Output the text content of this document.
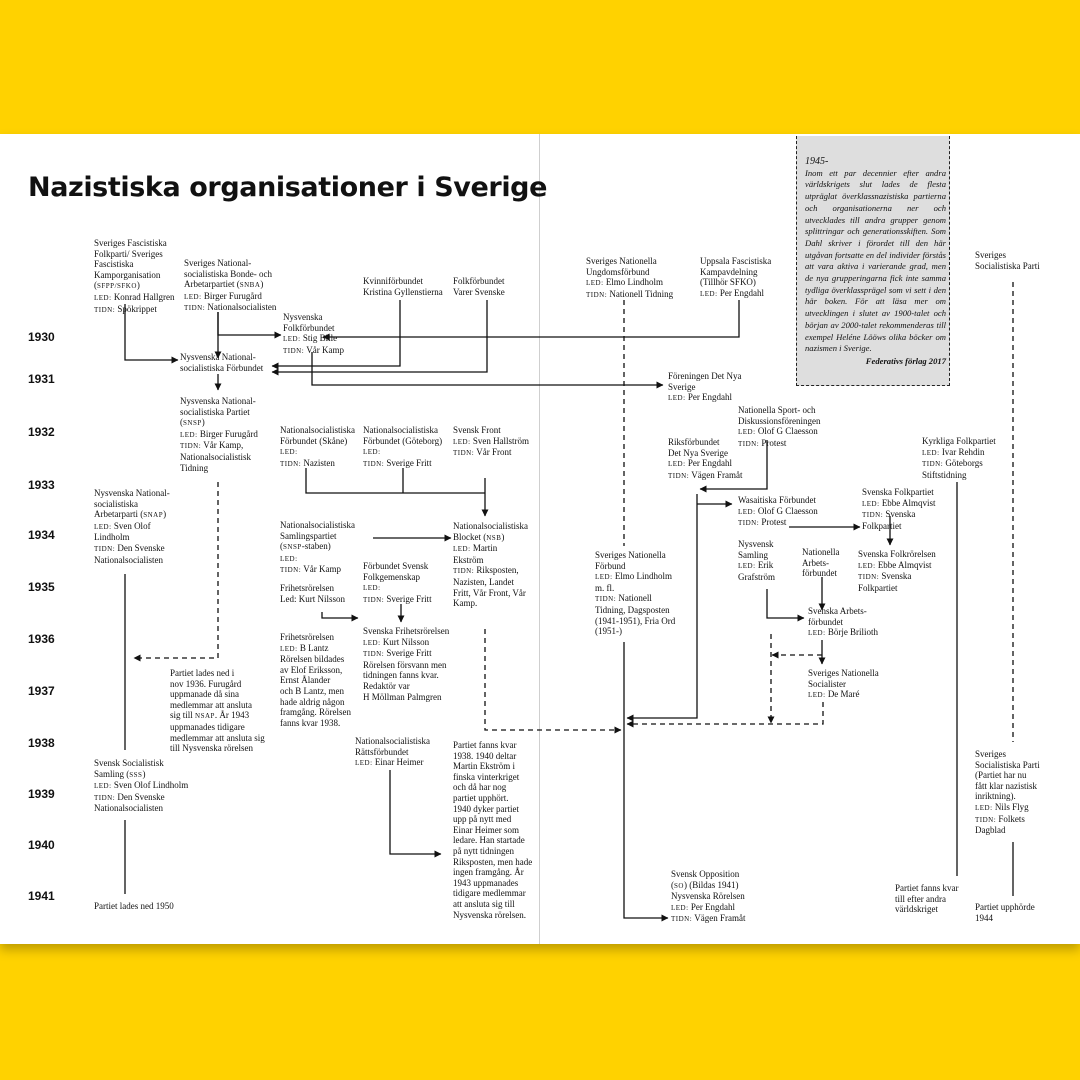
Nazistiska organisationer i Sverige
1930
1931
1932
1933
1934
1935
1936
1937
1938
1939
1940
1941
Sveriges Fascistiska
Folkparti/ Sveriges
Fascistiska
Kamporganisation
(SFPP/SFKO)
LED: Konrad Hallgren
TIDN: Spökrippet
Sveriges National-
socialistiska Bonde- och
Arbetarpartiet (SNBA)
LED: Birger Furugård
TIDN: Nationalsocialisten
Kvinniförbundet
Kristina Gyllenstierna
Folkförbundet
Varer Svenske
Nysvenska
Folkförbundet
LED: Stig Bille
TIDN: Vår Kamp
Nysvenska National-
socialistiska Förbundet
Nysvenska National-
socialistiska Partiet
(SNSP)
LED: Birger Furugård
TIDN: Vår Kamp,
Nationalsocialistisk
Tidning
Nationalsocialistiska
Förbundet (Skåne)
LED:
TIDN: Nazisten
Nationalsocialistiska
Förbundet (Göteborg)
LED:
TIDN: Sverige Fritt
Svensk Front
LED: Sven Hallström
TIDN: Vår Front
Nysvenska National-
socialistiska
Arbetarparti (SNAP)
LED: Sven Olof
Lindholm
TIDN: Den Svenske
Nationalsocialisten
Nationalsocialistiska
Samlingspartiet
(SNSP-staben)
LED:
TIDN: Vår Kamp
Nationalsocialistiska
Blocket (NSB)
LED: Martin
Ekström
TIDN: Riksposten,
Nazisten, Landet
Fritt, Vår Front, Vår
Kamp.
Frihetsrörelsen
Led: Kurt Nilsson
Förbundet Svensk
Folkgemenskap
LED:
TIDN: Sverige Fritt
Frihetsrörelsen
LED: B Lantz
Rörelsen bildades
av Elof Eriksson,
Ernst Ålander
och B Lantz, men
hade aldrig någon
framgång. Rörelsen
fanns kvar 1938.
Svenska Frihetsrörelsen
LED: Kurt Nilsson
TIDN: Sverige Fritt
Rörelsen försvann men
tidningen fanns kvar.
Redaktör var
H Möllman Palmgren
Partiet lades ned i
nov 1936. Furugård
uppmanade då sina
medlemmar att ansluta
sig till NSAP. År 1943
uppmanades tidigare
medlemmar att ansluta sig
till Nysvenska rörelsen
Svensk Socialistisk
Samling (SSS)
LED: Sven Olof Lindholm
TIDN: Den Svenske
Nationalsocialisten
Partiet lades ned 1950
Nationalsocialistiska
Rättsförbundet
LED: Einar Heimer
Partiet fanns kvar
1938. 1940 deltar
Martin Ekström i
finska vinterkriget
och då har nog
partiet upphört.
1940 dyker partiet
upp på nytt med
Einar Heimer som
ledare. Han startade
på nytt tidningen
Riksposten, men hade
ingen framgång. År
1943 uppmanades
tidigare medlemmar
att ansluta sig till
Nysvenska rörelsen.
Sveriges Nationella
Ungdomsförbund
LED: Elmo Lindholm
TIDN: Nationell Tidning
Uppsala Fascistiska
Kampavdelning
(Tillhör SFKO)
LED: Per Engdahl
Föreningen Det Nya
Sverige
LED: Per Engdahl
Nationella Sport- och
Diskussionsföreningen
LED: Olof G Claesson
TIDN: Protest
Riksförbundet
Det Nya Sverige
LED: Per Engdahl
TIDN: Vägen Framåt
Wasaitiska Förbundet
LED: Olof G Claesson
TIDN: Protest
Svenska Folkpartiet
LED: Ebbe Almqvist
TIDN: Svenska
Folkpartiet
Sveriges Nationella
Förbund
LED: Elmo Lindholm
m. fl.
TIDN: Nationell
Tidning, Dagsposten
(1941-1951), Fria Ord
(1951-)
Nysvensk
Samling
LED: Erik
Grafström
Nationella
Arbets-
förbundet
Svenska Folkrörelsen
LED: Ebbe Almqvist
TIDN: Svenska
Folkpartiet
Svenska Arbets-
förbundet
LED: Börje Brilioth
Sveriges Nationella
Socialister
LED: De Maré
Svensk Opposition
(SO) (Bildas 1941)
Nysvenska Rörelsen
LED: Per Engdahl
TIDN: Vägen Framåt
Kyrkliga Folkpartiet
LED: Ivar Rehdin
TIDN: Göteborgs
Stiftstidning
Partiet fanns kvar
till efter andra
världskriget
Sveriges
Socialistiska Parti
Sveriges
Socialistiska Parti
(Partiet har nu
fått klar nazistisk
inriktning).
LED: Nils Flyg
TIDN: Folkets
Dagblad
Partiet upphörde
1944
1945-
Inom ett par decennier efter andra världskrigets slut lades de flesta utpräglat överklassnazistiska partierna och organisationerna ner och utvecklades till andra grupper genom splittringar och generationsskiften. Som Dahl skriver i förordet till den här utgåvan fortsatte en del individer förstås att vara aktiva i varierande grad, men de nya grupperingarna fick inte samma tydliga överklassprägel som vi sett i den här boken. För att läsa mer om utvecklingen i slutet av 1900-talet och början av 2000-talet rekommenderas till exempel Heléne Lööws olika böcker om nazismen i Sverige.
Federativs förlag 2017
